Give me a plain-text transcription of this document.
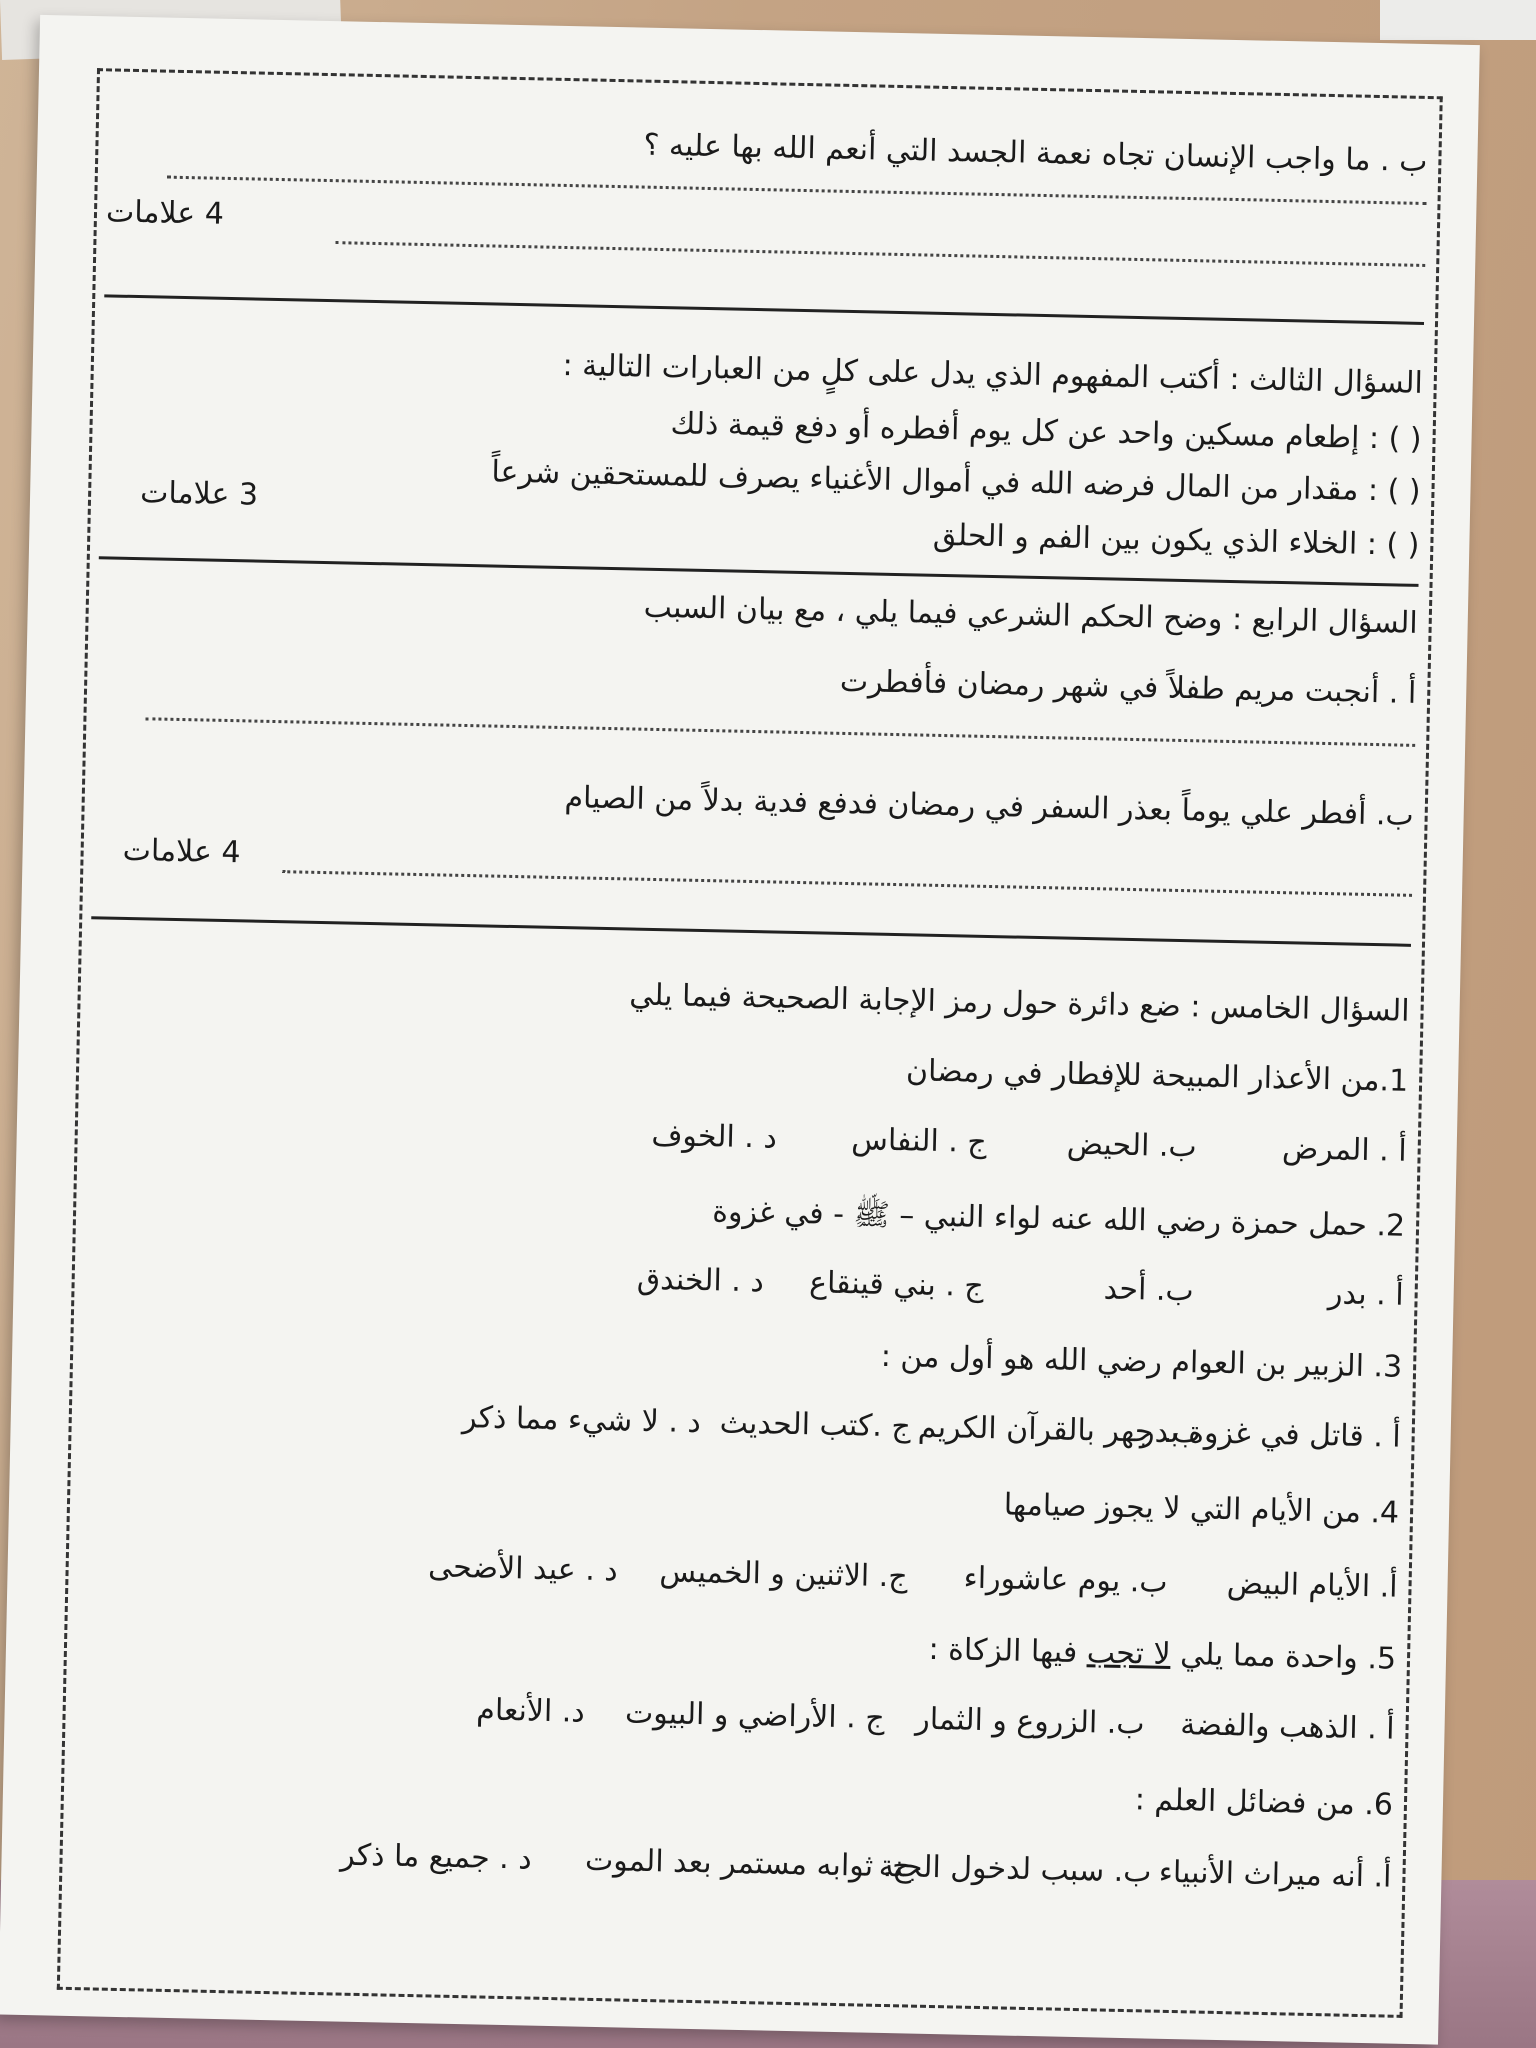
ب . ما واجب الإنسان تجاه نعمة الجسد التي أنعم الله بها عليه ؟
4 علامات
السؤال الثالث : أكتب المفهوم الذي يدل على كلٍ من العبارات التالية :
( ) : إطعام مسكين واحد عن كل يوم أفطره أو دفع قيمة ذلك
( ) : مقدار من المال فرضه الله في أموال الأغنياء يصرف للمستحقين شرعاً
3 علامات
( ) : الخلاء الذي يكون بين الفم و الحلق
السؤال الرابع : وضح الحكم الشرعي فيما يلي ، مع بيان السبب
أ . أنجبت مريم طفلاً في شهر رمضان فأفطرت
ب. أفطر علي يوماً بعذر السفر في رمضان فدفع فدية بدلاً من الصيام
4 علامات
السؤال الخامس : ضع دائرة حول رمز الإجابة الصحيحة فيما يلي
1.من الأعذار المبيحة للإفطار في رمضان
أ . المرض
ب. الحيض
ج . النفاس
د . الخوف
2. حمل حمزة رضي الله عنه لواء النبي – ﷺ - في غزوة
أ . بدر
ب. أحد
ج . بني قينقاع
د . الخندق
3. الزبير بن العوام رضي الله هو أول من :
أ . قاتل في غزوة بدر
ب. جهر بالقرآن الكريم
ج .كتب الحديث
د . لا شيء مما ذكر
4. من الأيام التي لا يجوز صيامها
أ. الأيام البيض
ب. يوم عاشوراء
ج. الاثنين و الخميس
د . عيد الأضحى
5. واحدة مما يلي لا تجب فيها الزكاة :
أ . الذهب والفضة
ب. الزروع و الثمار
ج . الأراضي و البيوت
د. الأنعام
6. من فضائل العلم :
أ. أنه ميراث الأنبياء
ب. سبب لدخول الجنة
ج. ثوابه مستمر بعد الموت
د . جميع ما ذكر
